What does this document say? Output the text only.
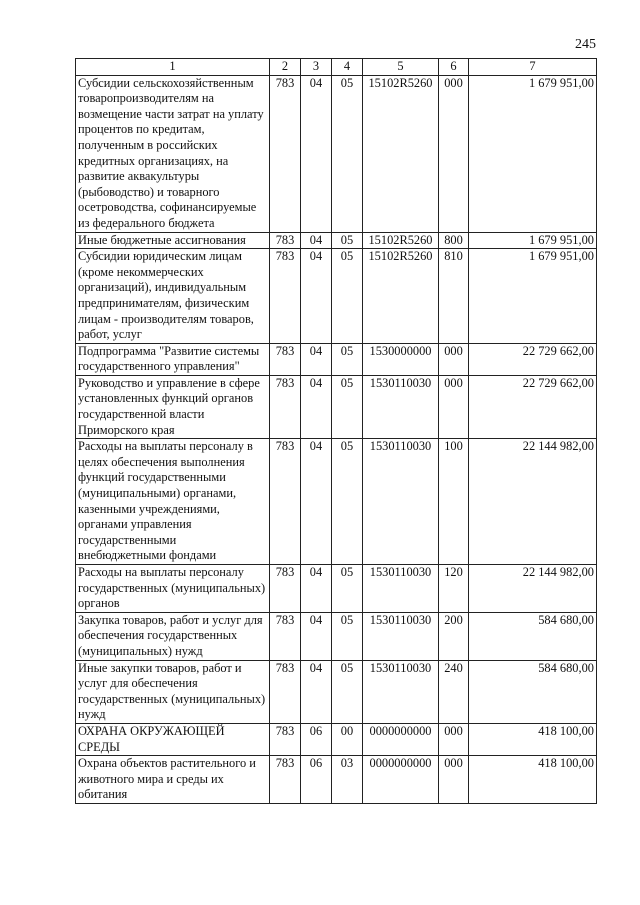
245
1	2	3	4	5	6	7
Субсидии сельскохозяйственным товаропроизводителям на возмещение части затрат на уплату процентов по кредитам, полученным в российских кредитных организациях, на развитие аквакультуры (рыбоводство) и товарного осетроводства, софинансируемые из федерального бюджета	783	04	05	15102R5260	000	1 679 951,00
Иные бюджетные ассигнования	783	04	05	15102R5260	800	1 679 951,00
Субсидии юридическим лицам (кроме некоммерческих организаций), индивидуальным предпринимателям, физическим лицам - производителям товаров, работ, услуг	783	04	05	15102R5260	810	1 679 951,00
Подпрограмма "Развитие системы государственного управления"	783	04	05	1530000000	000	22 729 662,00
Руководство и управление в сфере установленных функций органов государственной власти Приморского края	783	04	05	1530110030	000	22 729 662,00
Расходы на выплаты персоналу в целях обеспечения выполнения функций государственными (муниципальными) органами, казенными учреждениями, органами управления государственными внебюджетными фондами	783	04	05	1530110030	100	22 144 982,00
Расходы на выплаты персоналу государственных (муниципальных) органов	783	04	05	1530110030	120	22 144 982,00
Закупка товаров, работ и услуг для обеспечения государственных (муниципальных) нужд	783	04	05	1530110030	200	584 680,00
Иные закупки товаров, работ и услуг для обеспечения государственных (муниципальных) нужд	783	04	05	1530110030	240	584 680,00
ОХРАНА ОКРУЖАЮЩЕЙ СРЕДЫ	783	06	00	0000000000	000	418 100,00
Охрана объектов растительного и животного мира и среды их обитания	783	06	03	0000000000	000	418 100,00
